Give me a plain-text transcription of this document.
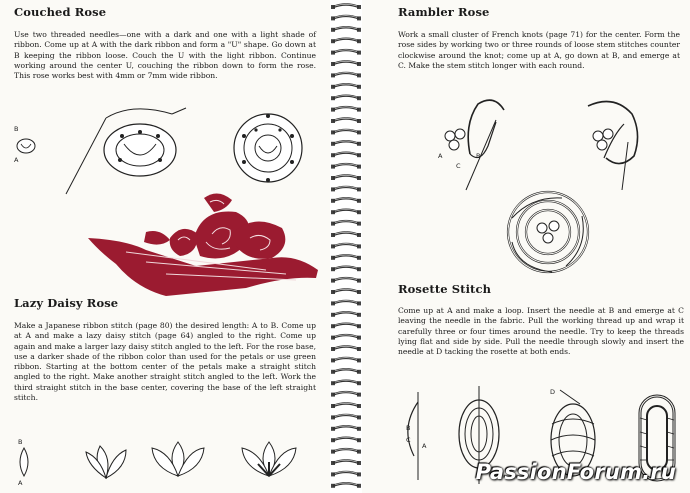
Couched Rose

Use two threaded needles—one with a dark and one with a light shade of ribbon. Come up at A with the dark ribbon and form a "U" shape. Go down at B keeping the ribbon loose. Couch the U with the light ribbon. Continue working around the center U, couching the ribbon down to form the rose. This rose works best with 4mm or 7mm wide ribbon.

B
A
Lazy Daisy Rose

Make a Japanese ribbon stitch (page 80) the desired length: A to B. Come up at A and make a lazy daisy stitch (page 64) angled to the right. Come up again and make a larger lazy daisy stitch angled to the left. For the rose base, use a darker shade of the ribbon color than used for the petals or use green ribbon. Starting at the bottom center of the petals make a straight stitch angled to the right. Make another straight stitch angled to the left. Work the third straight stitch in the base center, covering the base of the left straight stitch.

B
A
Rambler Rose

Work a small cluster of French knots (page 71) for the center. Form the rose sides by working two or three rounds of loose stem stitches counter clockwise around the knot; come up at A, go down at B, and emerge at C. Make the stem stitch longer with each round.

A	B
C
Rosette Stitch

Come up at A and make a loop. Insert the needle at B and emerge at C leaving the needle in the fabric. Pull the working thread up and wrap it carefully three or four times around the needle. Try to keep the threads lying flat and side by side. Pull the needle through slowly and insert the needle at D tacking the rosette at both ends.

B
C
A
D
PassionForum.ru
